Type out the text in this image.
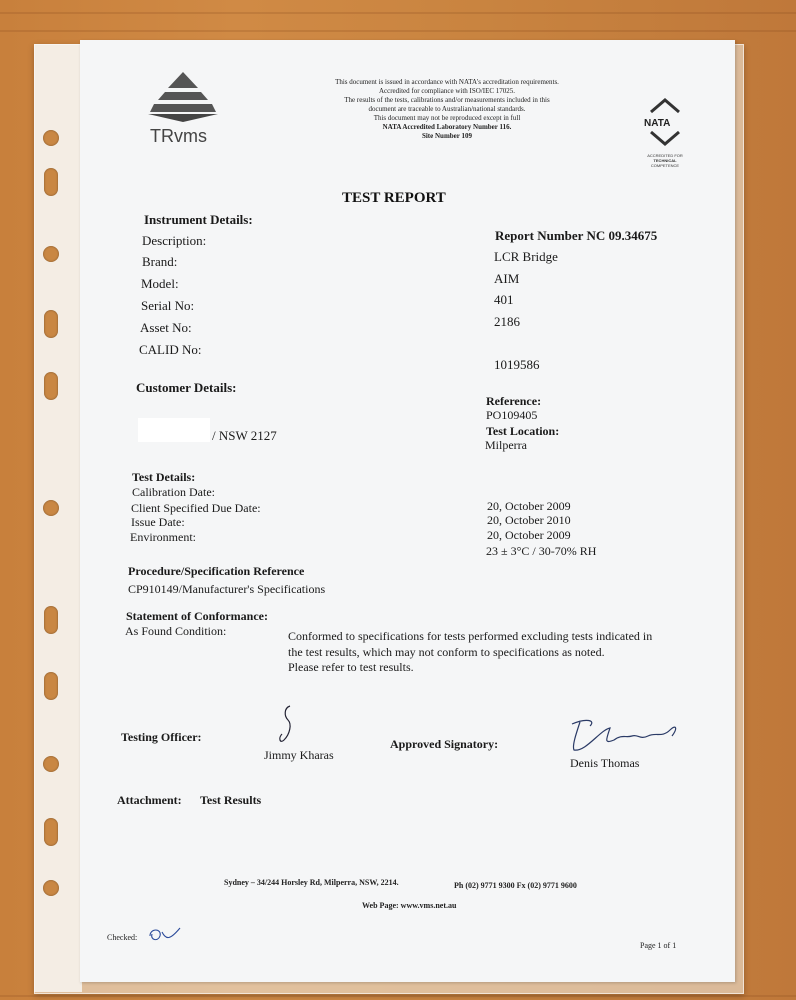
TRvms
This document is issued in accordance with NATA's accreditation requirements.
Accredited for compliance with ISO/IEC 17025.
The results of the tests, calibrations and/or measurements included in this
document are traceable to Australian/national standards.
This document may not be reproduced except in full
NATA Accredited Laboratory Number 116.
Site Number 109
NATA
ACCREDITED FOR
TECHNICAL
COMPETENCE
TEST REPORT
Instrument Details:
Description:
Brand:
Model:
Serial No:
Asset No:
CALID No:
Report Number NC 09.34675
LCR Bridge
AIM
401
2186
1019586
Customer Details:
/ NSW 2127
Reference:
PO109405
Test Location:
Milperra
Test Details:
Calibration Date:
Client Specified Due Date:
Issue Date:
Environment:
20, October 2009
20, October 2010
20, October 2009
23 ± 3°C / 30-70% RH
Procedure/Specification Reference
CP910149/Manufacturer's Specifications
Statement of Conformance:
As Found Condition:	Conformed to specifications for tests performed excluding tests indicated in
the test results, which may not conform to specifications as noted.
Please refer to test results.
Testing Officer:
Jimmy Kharas
Approved Signatory:
Denis Thomas
Attachment: Test Results
Sydney – 34/244 Horsley Rd, Milperra, NSW, 2214.	Ph (02) 9771 9300 Fx (02) 9771 9600
Web Page: www.vms.net.au
Checked:
Page 1 of 1
